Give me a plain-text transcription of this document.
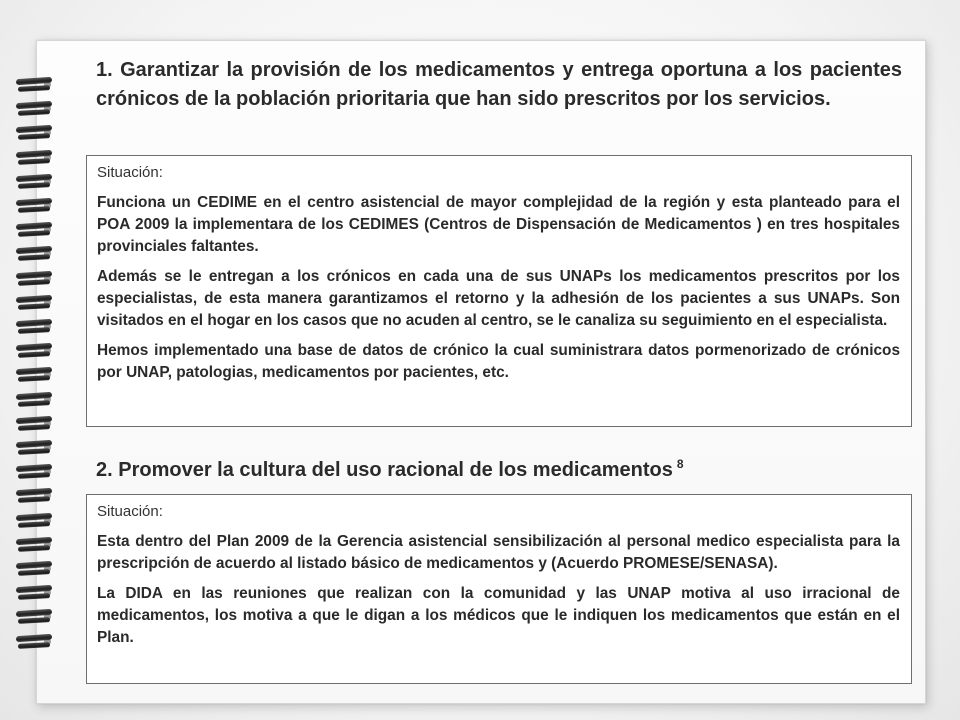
1. Garantizar la provisión de los medicamentos y entrega oportuna a los pacientes crónicos de la población prioritaria que han sido prescritos por los servicios.
Situación:

Funciona un CEDIME en el centro asistencial de mayor complejidad de la región y esta planteado para el POA 2009 la implementara de los CEDIMES (Centros de Dispensación de Medicamentos ) en tres hospitales provinciales faltantes.

Además se le entregan a los crónicos en cada una de sus UNAPs los medicamentos prescritos por los especialistas, de esta manera garantizamos el retorno y la adhesión de los pacientes a sus UNAPs. Son visitados en el hogar en los casos que no acuden al centro, se le canaliza su seguimiento en el especialista.

Hemos implementado una base de datos de crónico la cual suministrara datos pormenorizado de crónicos por UNAP, patologias, medicamentos por pacientes, etc.

2. Promover la cultura del uso racional de los medicamentos $^8$
Situación:

Esta dentro del Plan 2009 de la Gerencia asistencial sensibilización al personal medico especialista para la prescripción de acuerdo al listado básico de medicamentos y (Acuerdo PROMESE/SENASA).

La DIDA en las reuniones que realizan con la comunidad y las UNAP motiva al uso irracional de medicamentos, los motiva a que le digan a los médicos que le indiquen los medicamentos que están en el Plan.
